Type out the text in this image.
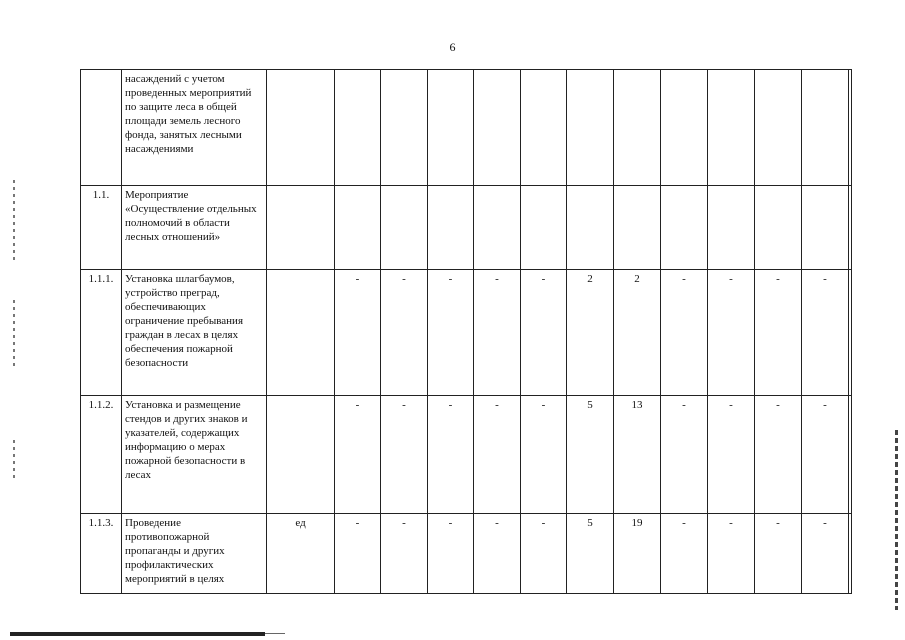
6
	насаждений с учетом проведенных мероприятий по защите леса в общей площади земель лесного фонда, занятых лесными насаждениями													
1.1.	Мероприятие «Осуществление отдельных полномочий в области лесных отношений»													
1.1.1.	Установка шлагбаумов, устройство преград, обеспечивающих ограничение пребывания граждан в лесах в целях обеспечения пожарной безопасности		-	-	-	-	-	2	2	-	-	-	-	
1.1.2.	Установка и размещение стендов и других знаков и указателей, содержащих информацию о мерах пожарной безопасности в лесах		-	-	-	-	-	5	13	-	-	-	-	
1.1.3.	Проведение противопожарной пропаганды и других профилактических мероприятий в целях	ед	-	-	-	-	-	5	19	-	-	-	-	
